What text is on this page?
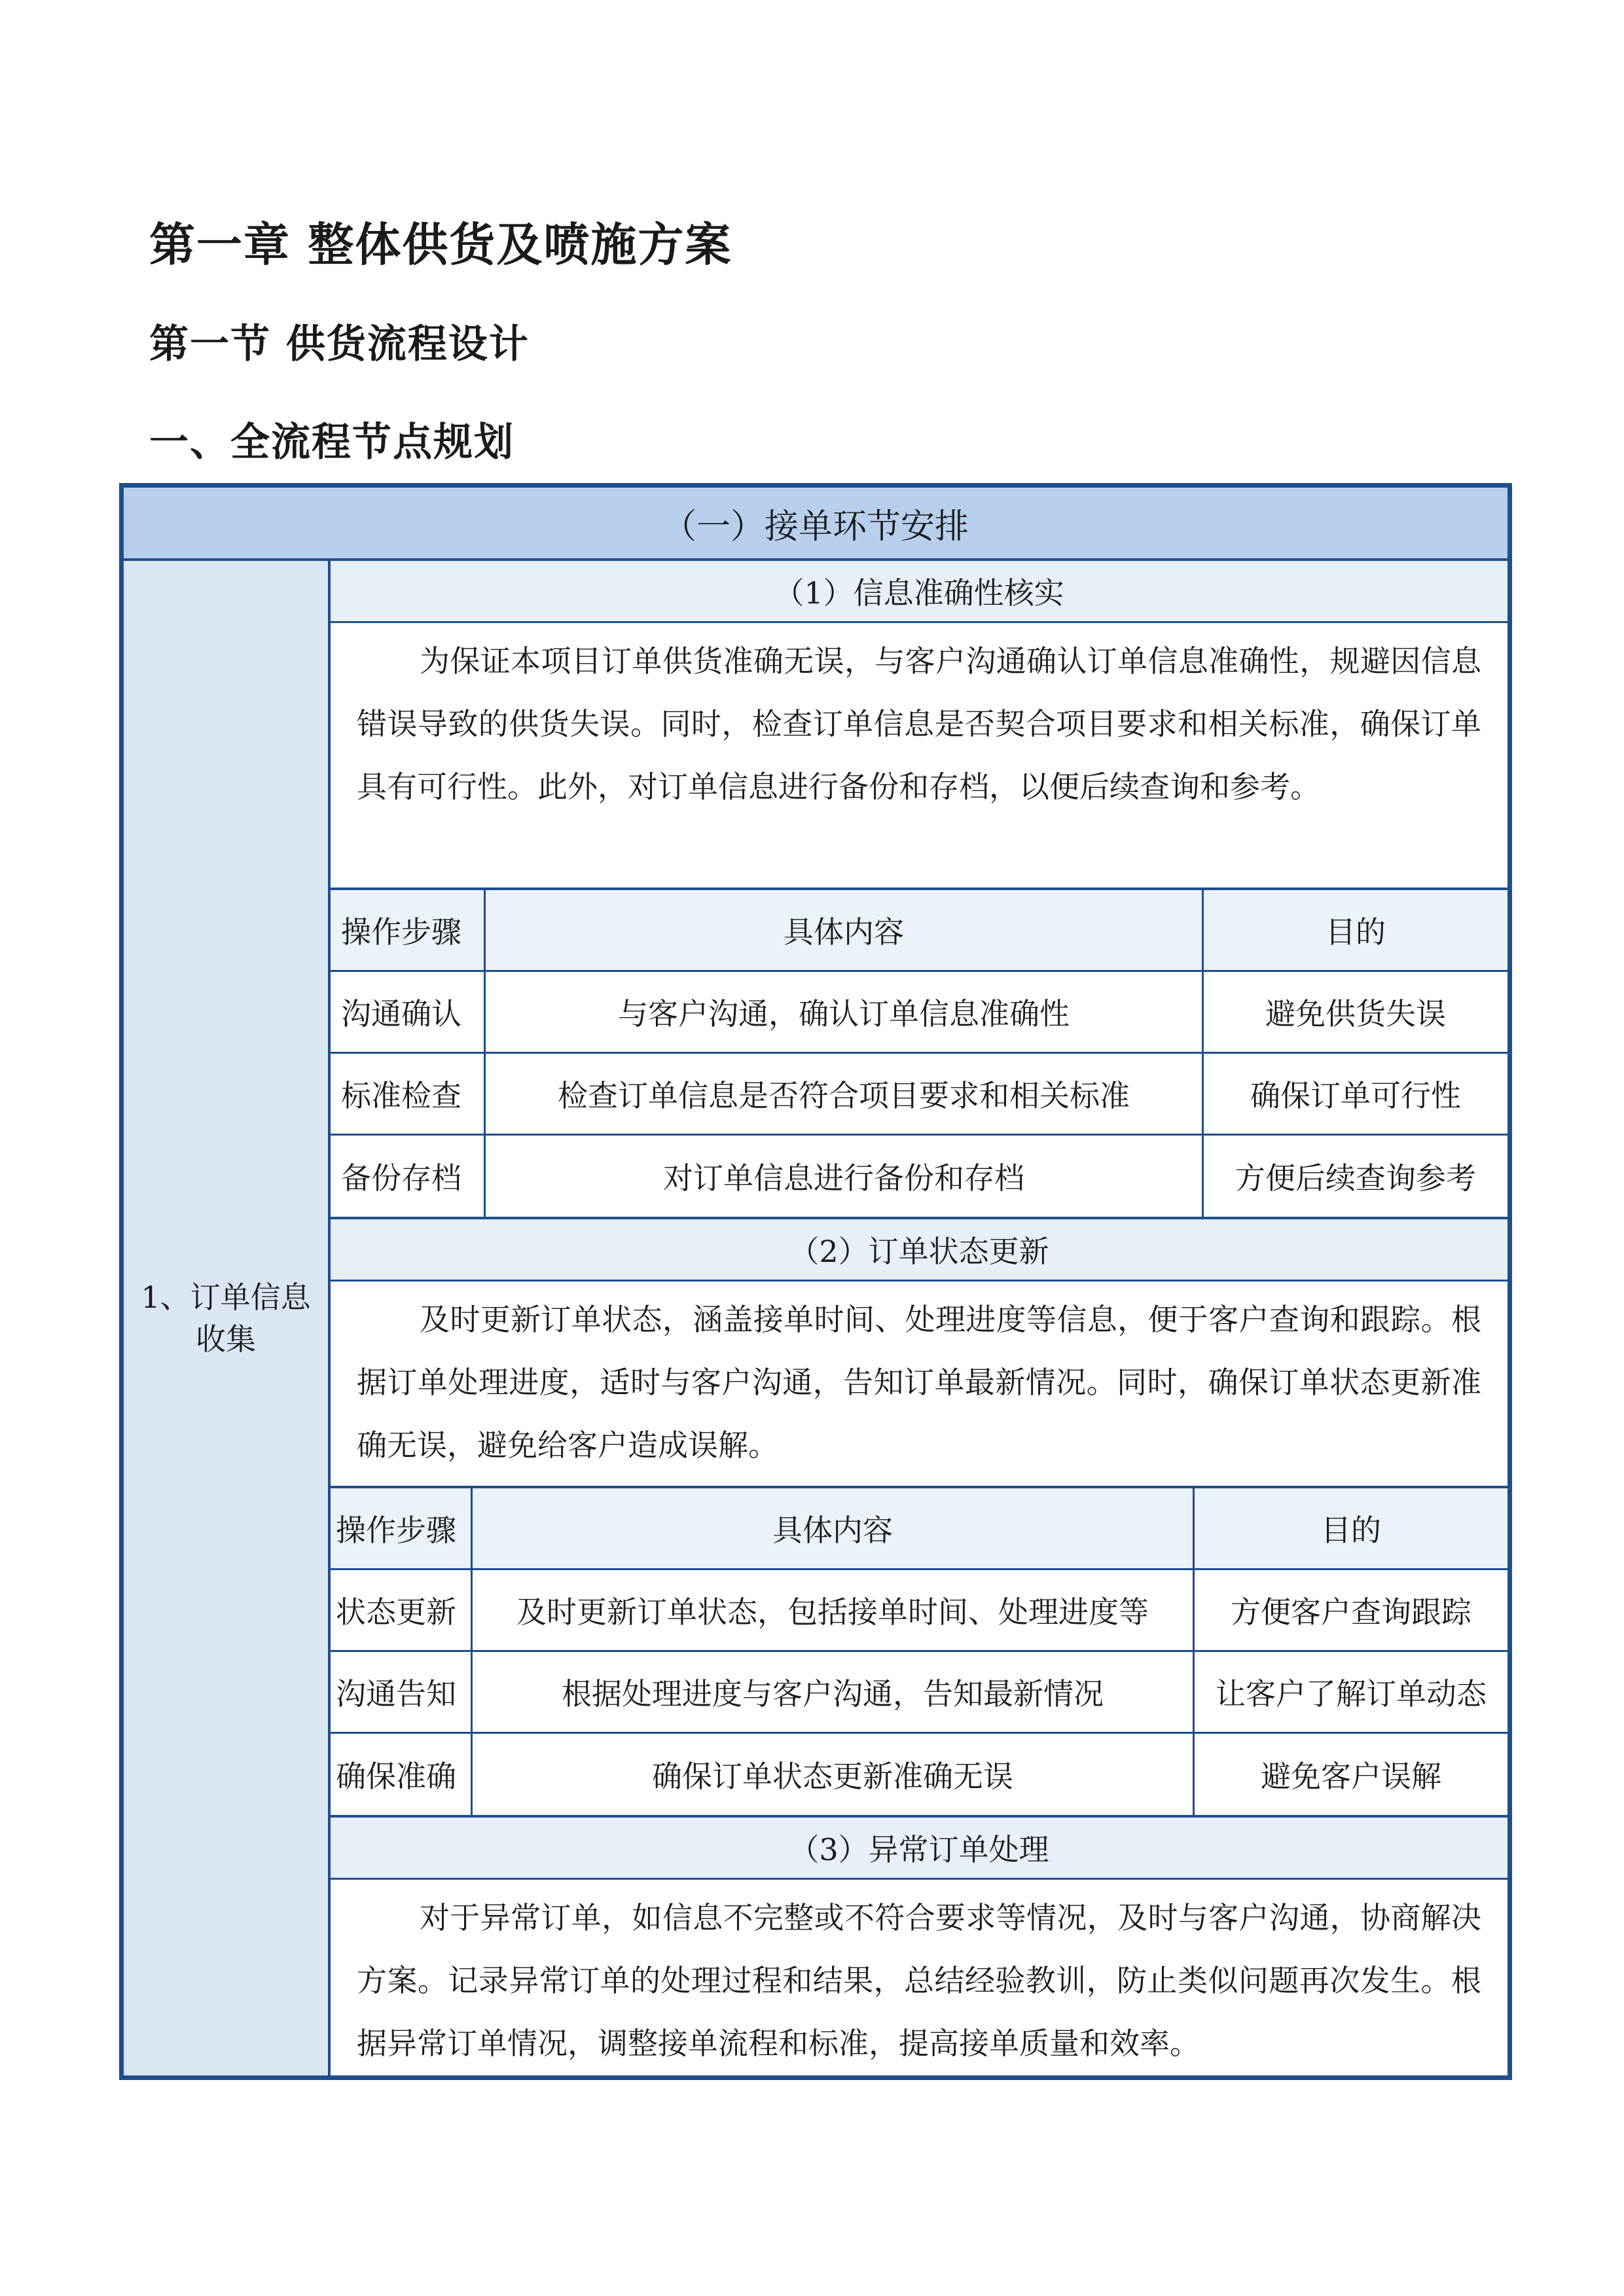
第一章 整体供货及喷施方案
第一节 供货流程设计
一、全流程节点规划
（一）接单环节安排
1、订单信息收集
（1）信息准确性核实
为保证本项目订单供货准确无误，与客户沟通确认订单信息准确性，规避因信息错误导致的供货失误。同时，检查订单信息是否契合项目要求和相关标准，确保订单具有可行性。此外，对订单信息进行备份和存档，以便后续查询和参考。
操作步骤	具体内容	目的
沟通确认	与客户沟通，确认订单信息准确性	避免供货失误
标准检查	检查订单信息是否符合项目要求和相关标准	确保订单可行性
备份存档	对订单信息进行备份和存档	方便后续查询参考
（2）订单状态更新
及时更新订单状态，涵盖接单时间、处理进度等信息，便于客户查询和跟踪。根据订单处理进度，适时与客户沟通，告知订单最新情况。同时，确保订单状态更新准确无误，避免给客户造成误解。
操作步骤	具体内容	目的
状态更新	及时更新订单状态，包括接单时间、处理进度等	方便客户查询跟踪
沟通告知	根据处理进度与客户沟通，告知最新情况	让客户了解订单动态
确保准确	确保订单状态更新准确无误	避免客户误解
（3）异常订单处理
对于异常订单，如信息不完整或不符合要求等情况，及时与客户沟通，协商解决方案。记录异常订单的处理过程和结果，总结经验教训，防止类似问题再次发生。根据异常订单情况，调整接单流程和标准，提高接单质量和效率。
